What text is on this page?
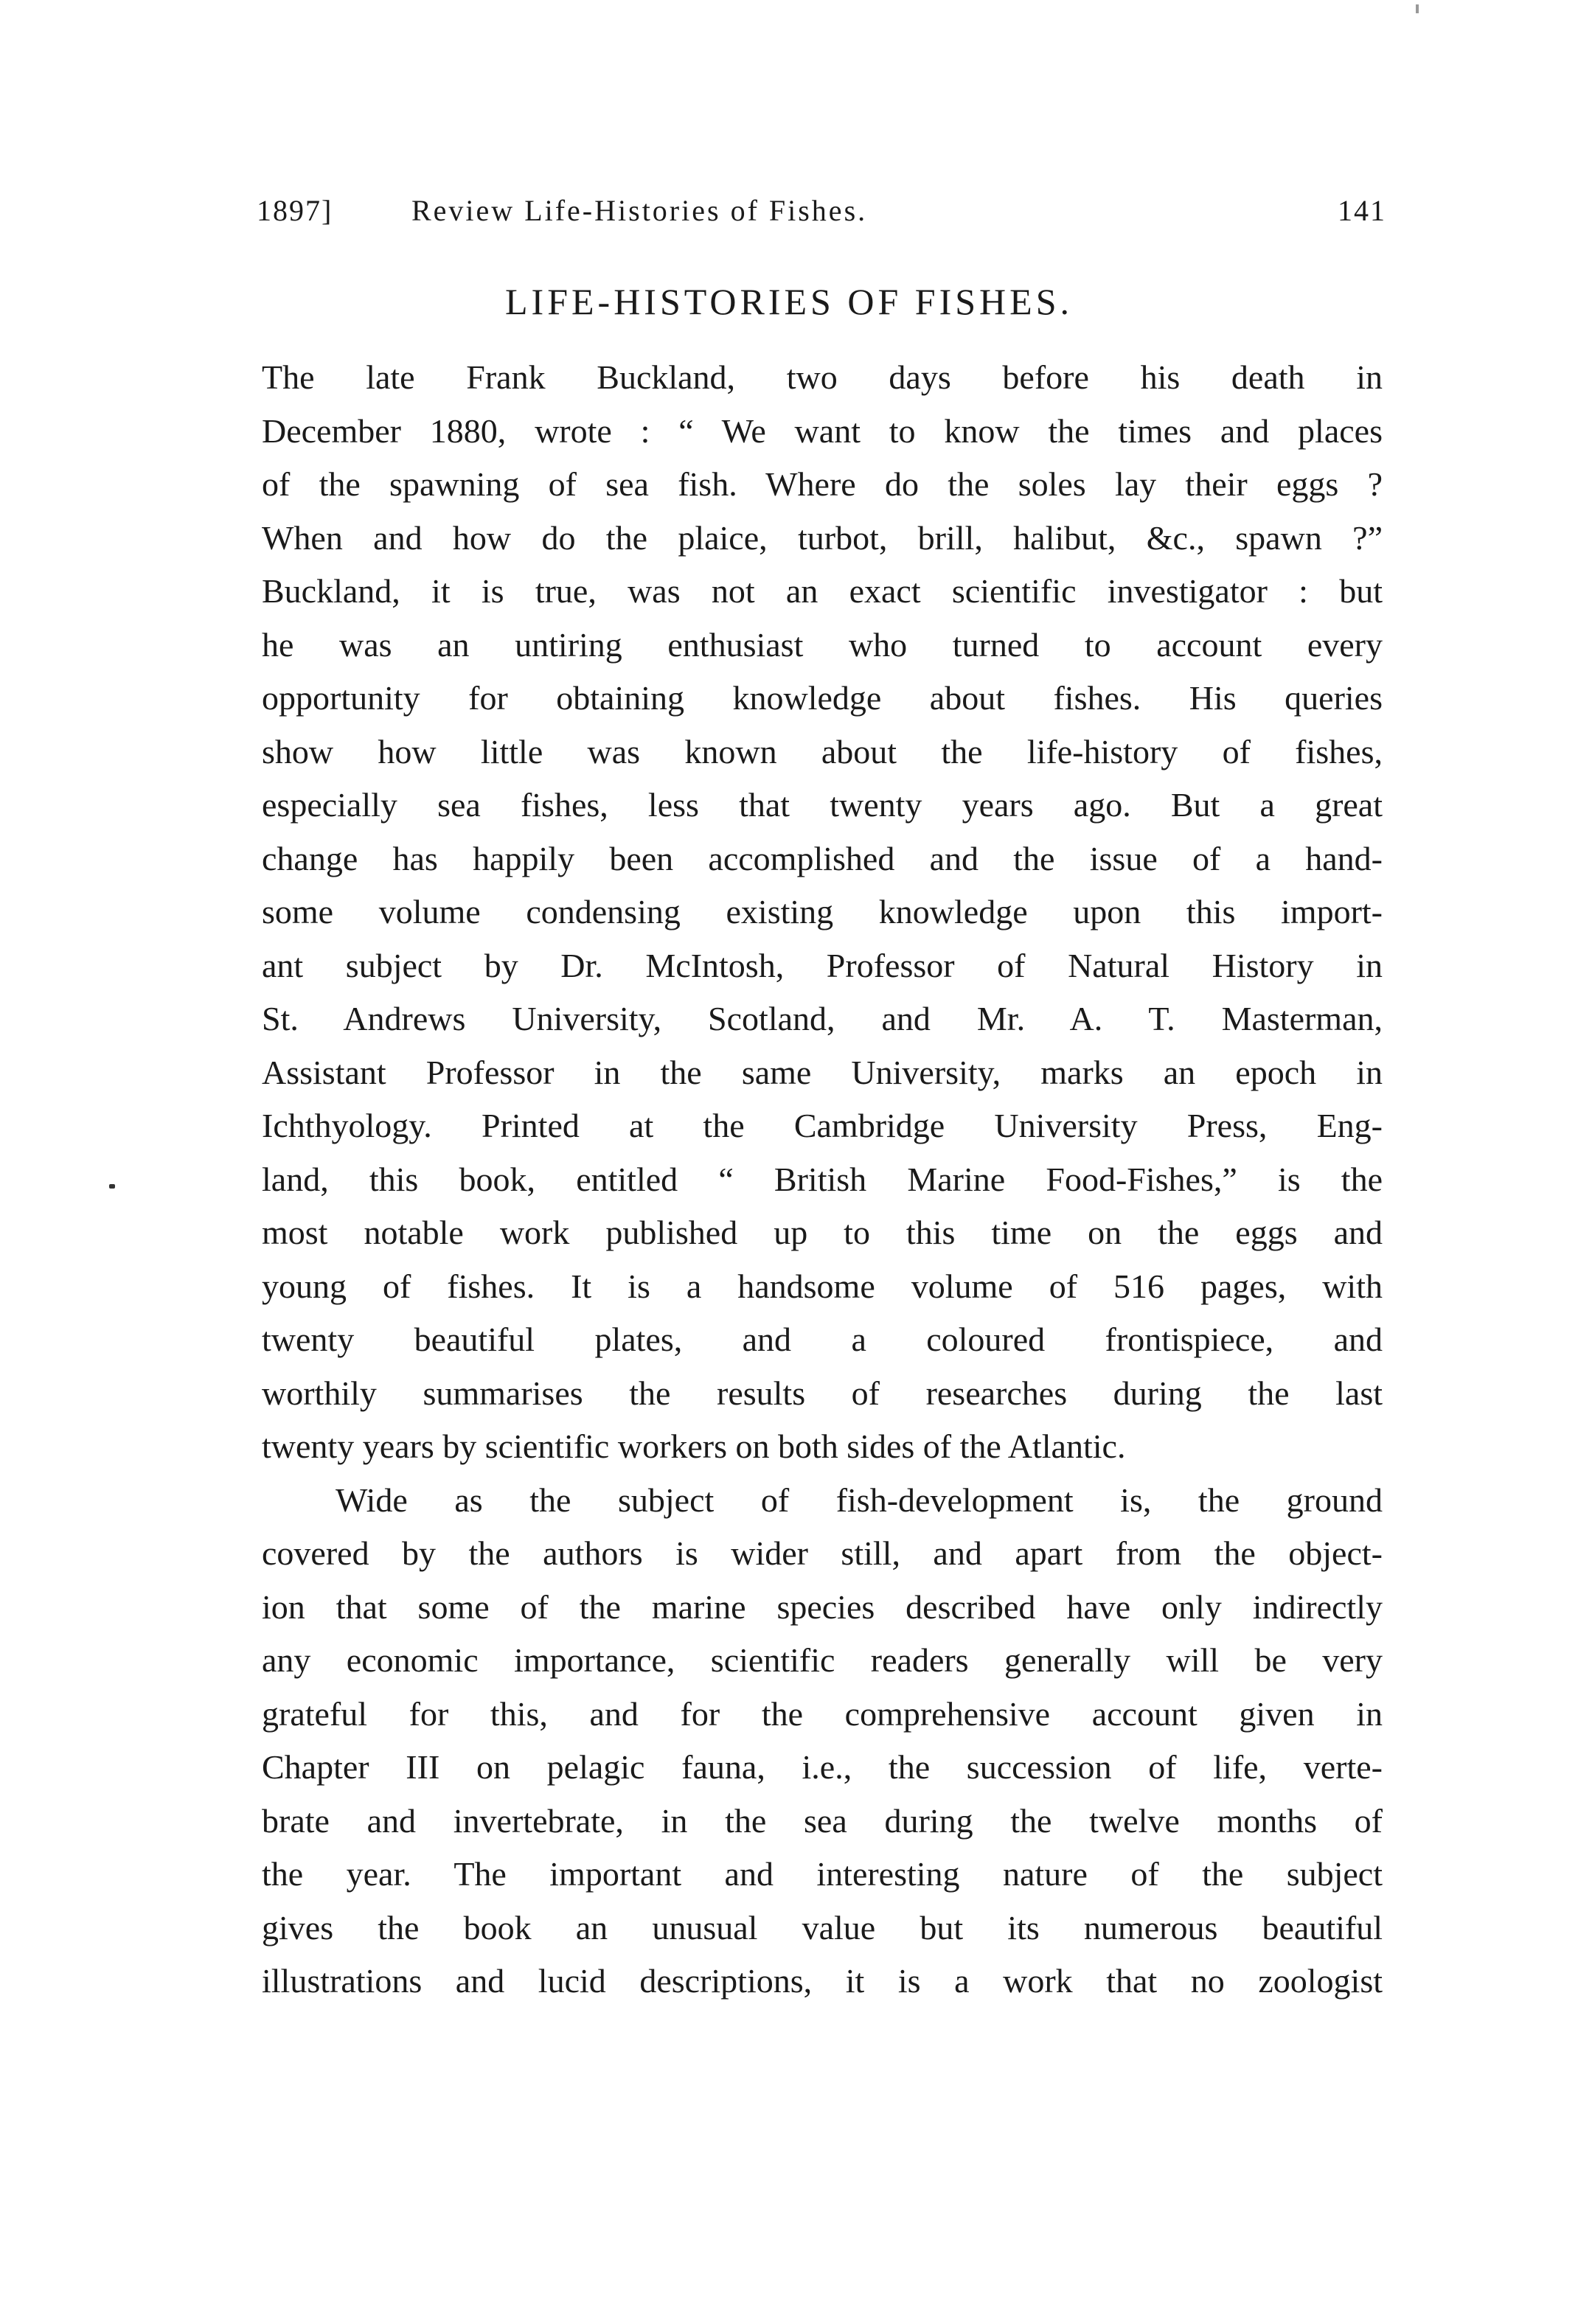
1897]	Review Life-Histories of Fishes.	141
LIFE-HISTORIES OF FISHES.
The late Frank Buckland, two days before his death in
December 1880, wrote : “ We want to know the times and places
of the spawning of sea fish. Where do the soles lay their eggs ?
When and how do the plaice, turbot, brill, halibut, &c., spawn ?”
Buckland, it is true, was not an exact scientific investigator : but
he was an untiring enthusiast who turned to account every
opportunity for obtaining knowledge about fishes. His queries
show how little was known about the life-history of fishes,
especially sea fishes, less that twenty years ago. But a great
change has happily been accomplished and the issue of a hand-
some volume condensing existing knowledge upon this import-
ant subject by Dr. McIntosh, Professor of Natural History in
St. Andrews University, Scotland, and Mr. A. T. Masterman,
Assistant Professor in the same University, marks an epoch in
Ichthyology. Printed at the Cambridge University Press, Eng-
land, this book, entitled “ British Marine Food-Fishes,” is the
most notable work published up to this time on the eggs and
young of fishes. It is a handsome volume of 516 pages, with
twenty beautiful plates, and a coloured frontispiece, and
worthily summarises the results of researches during the last
twenty years by scientific workers on both sides of the Atlantic.
Wide as the subject of fish-development is, the ground
covered by the authors is wider still, and apart from the object-
ion that some of the marine species described have only indirectly
any economic importance, scientific readers generally will be very
grateful for this, and for the comprehensive account given in
Chapter III on pelagic fauna, i.e., the succession of life, verte-
brate and invertebrate, in the sea during the twelve months of
the year. The important and interesting nature of the subject
gives the book an unusual value but its numerous beautiful
illustrations and lucid descriptions, it is a work that no zoologist
